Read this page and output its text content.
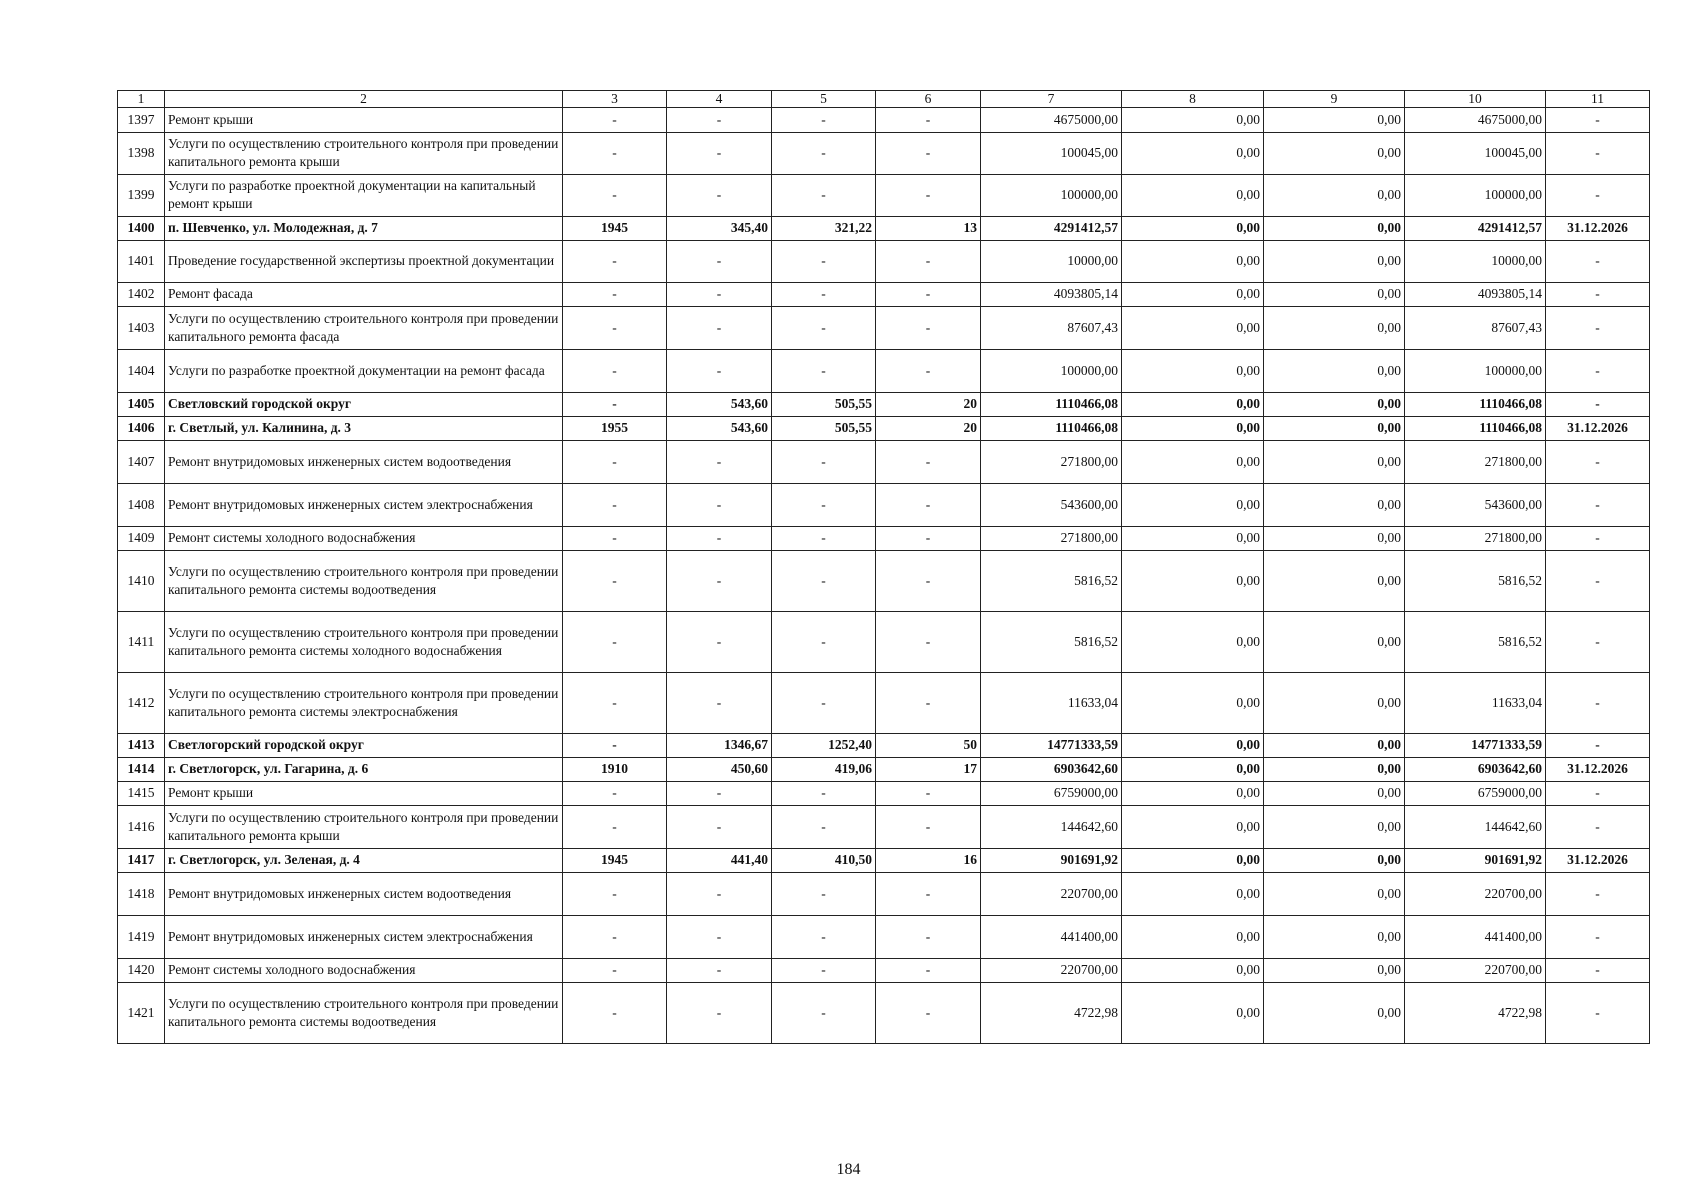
1	2	3	4	5	6	7	8	9	10	11
1397	Ремонт крыши	-	-	-	-	4675000,00	0,00	0,00	4675000,00	-
1398	Услуги по осуществлению строительного контроля при проведении капитального ремонта крыши	-	-	-	-	100045,00	0,00	0,00	100045,00	-
1399	Услуги по разработке проектной документации на капитальный ремонт крыши	-	-	-	-	100000,00	0,00	0,00	100000,00	-
1400	п. Шевченко, ул. Молодежная, д. 7	1945	345,40	321,22	13	4291412,57	0,00	0,00	4291412,57	31.12.2026
1401	Проведение государственной экспертизы проектной документации	-	-	-	-	10000,00	0,00	0,00	10000,00	-
1402	Ремонт фасада	-	-	-	-	4093805,14	0,00	0,00	4093805,14	-
1403	Услуги по осуществлению строительного контроля при проведении капитального ремонта фасада	-	-	-	-	87607,43	0,00	0,00	87607,43	-
1404	Услуги по разработке проектной документации на ремонт фасада	-	-	-	-	100000,00	0,00	0,00	100000,00	-
1405	Светловский городской округ	-	543,60	505,55	20	1110466,08	0,00	0,00	1110466,08	-
1406	г. Светлый, ул. Калинина, д. 3	1955	543,60	505,55	20	1110466,08	0,00	0,00	1110466,08	31.12.2026
1407	Ремонт внутридомовых инженерных систем водоотведения	-	-	-	-	271800,00	0,00	0,00	271800,00	-
1408	Ремонт внутридомовых инженерных систем электроснабжения	-	-	-	-	543600,00	0,00	0,00	543600,00	-
1409	Ремонт системы холодного водоснабжения	-	-	-	-	271800,00	0,00	0,00	271800,00	-
1410	Услуги по осуществлению строительного контроля при проведении капитального ремонта системы водоотведения	-	-	-	-	5816,52	0,00	0,00	5816,52	-
1411	Услуги по осуществлению строительного контроля при проведении капитального ремонта системы холодного водоснабжения	-	-	-	-	5816,52	0,00	0,00	5816,52	-
1412	Услуги по осуществлению строительного контроля при проведении капитального ремонта системы электроснабжения	-	-	-	-	11633,04	0,00	0,00	11633,04	-
1413	Светлогорский городской округ	-	1346,67	1252,40	50	14771333,59	0,00	0,00	14771333,59	-
1414	г. Светлогорск, ул. Гагарина, д. 6	1910	450,60	419,06	17	6903642,60	0,00	0,00	6903642,60	31.12.2026
1415	Ремонт крыши	-	-	-	-	6759000,00	0,00	0,00	6759000,00	-
1416	Услуги по осуществлению строительного контроля при проведении капитального ремонта крыши	-	-	-	-	144642,60	0,00	0,00	144642,60	-
1417	г. Светлогорск, ул. Зеленая, д. 4	1945	441,40	410,50	16	901691,92	0,00	0,00	901691,92	31.12.2026
1418	Ремонт внутридомовых инженерных систем водоотведения	-	-	-	-	220700,00	0,00	0,00	220700,00	-
1419	Ремонт внутридомовых инженерных систем электроснабжения	-	-	-	-	441400,00	0,00	0,00	441400,00	-
1420	Ремонт системы холодного водоснабжения	-	-	-	-	220700,00	0,00	0,00	220700,00	-
1421	Услуги по осуществлению строительного контроля при проведении капитального ремонта системы водоотведения	-	-	-	-	4722,98	0,00	0,00	4722,98	-
184
